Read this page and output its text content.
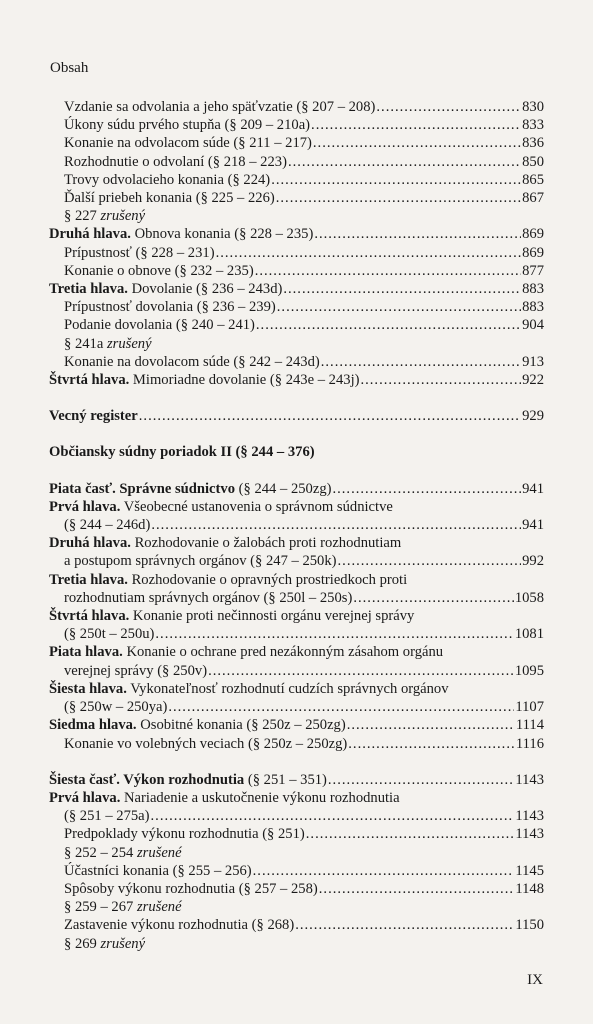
Obsah
Vzdanie sa odvolania a jeho späťvzatie (§ 207 – 208) .....	830
Úkony súdu prvého stupňa (§ 209 – 210a) .....	833
Konanie na odvolacom súde (§ 211 – 217) .....	836
Rozhodnutie o odvolaní (§ 218 – 223) .....	850
Trovy odvolacieho konania (§ 224) .....	865
Ďalší priebeh konania (§ 225 – 226) .....	867
§ 227 zrušený
Druhá hlava. Obnova konania (§ 228 – 235) .....	869
Prípustnosť (§ 228 – 231) .....	869
Konanie o obnove (§ 232 – 235) .....	877
Tretia hlava. Dovolanie (§ 236 – 243d) .....	883
Prípustnosť dovolania (§ 236 – 239) .....	883
Podanie dovolania (§ 240 – 241) .....	904
§ 241a zrušený
Konanie na dovolacom súde (§ 242 – 243d) .....	913
Štvrtá hlava. Mimoriadne dovolanie (§ 243e – 243j) .....	922
Vecný register .....	929
Občiansky súdny poriadok II (§ 244 – 376)
Piata časť. Správne súdnictvo (§ 244 – 250zg) .....	941
Prvá hlava. Všeobecné ustanovenia o správnom súdnictve
(§ 244 – 246d) .....	941
Druhá hlava. Rozhodovanie o žalobách proti rozhodnutiam
a postupom správnych orgánov (§ 247 – 250k) .....	992
Tretia hlava. Rozhodovanie o opravných prostriedkoch proti
rozhodnutiam správnych orgánov (§ 250l – 250s) .....	1058
Štvrtá hlava. Konanie proti nečinnosti orgánu verejnej správy
(§ 250t – 250u) .....	1081
Piata hlava. Konanie o ochrane pred nezákonným zásahom orgánu
verejnej správy (§ 250v) .....	1095
Šiesta hlava. Vykonateľnosť rozhodnutí cudzích správnych orgánov
(§ 250w – 250ya) .....	1107
Siedma hlava. Osobitné konania (§ 250z – 250zg) .....	1114
Konanie vo volebných veciach (§ 250z – 250zg) .....	1116
Šiesta časť. Výkon rozhodnutia (§ 251 – 351) .....	1143
Prvá hlava. Nariadenie a uskutočnenie výkonu rozhodnutia
(§ 251 – 275a) .....	1143
Predpoklady výkonu rozhodnutia (§ 251) .....	1143
§ 252 – 254 zrušené
Účastníci konania (§ 255 – 256) .....	1145
Spôsoby výkonu rozhodnutia (§ 257 – 258) .....	1148
§ 259 – 267 zrušené
Zastavenie výkonu rozhodnutia (§ 268) .....	1150
§ 269 zrušený
IX
